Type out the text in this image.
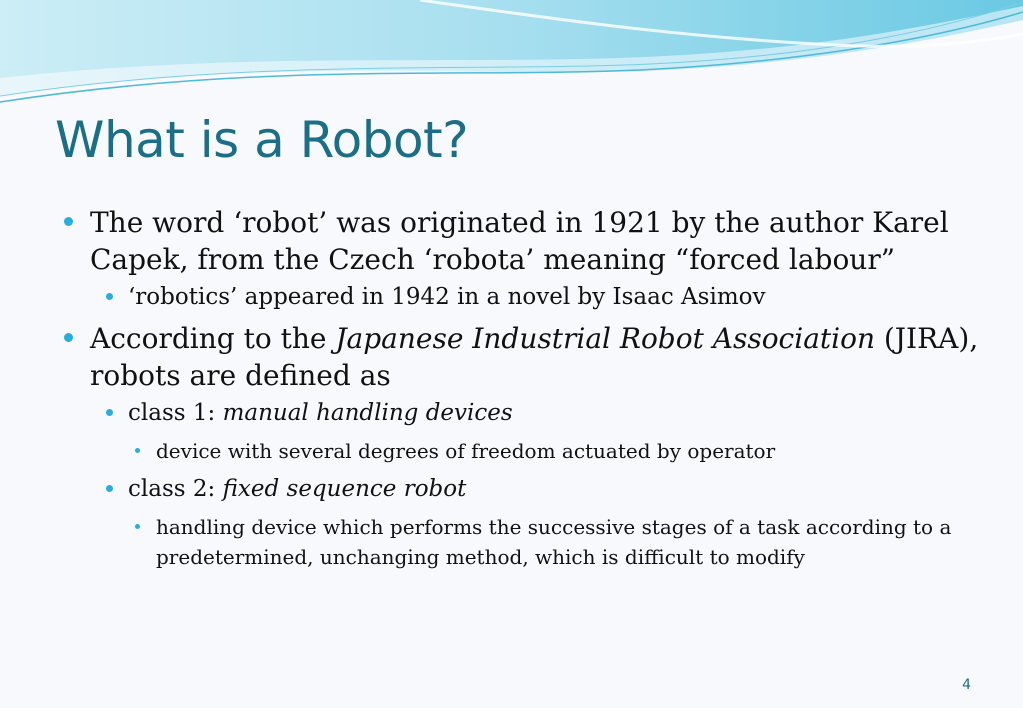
What is a Robot?
The word ‘robot’ was originated in 1921 by the author Karel Capek, from the Czech ‘robota’ meaning “forced labour”
‘robotics’ appeared in 1942 in a novel by Isaac Asimov
According to the Japanese Industrial Robot Association (JIRA), robots are defined as
class 1: manual handling devices
device with several degrees of freedom actuated by operator
class 2: fixed sequence robot
handling device which performs the successive stages of a task according to a predetermined, unchanging method, which is difficult to modify
4
